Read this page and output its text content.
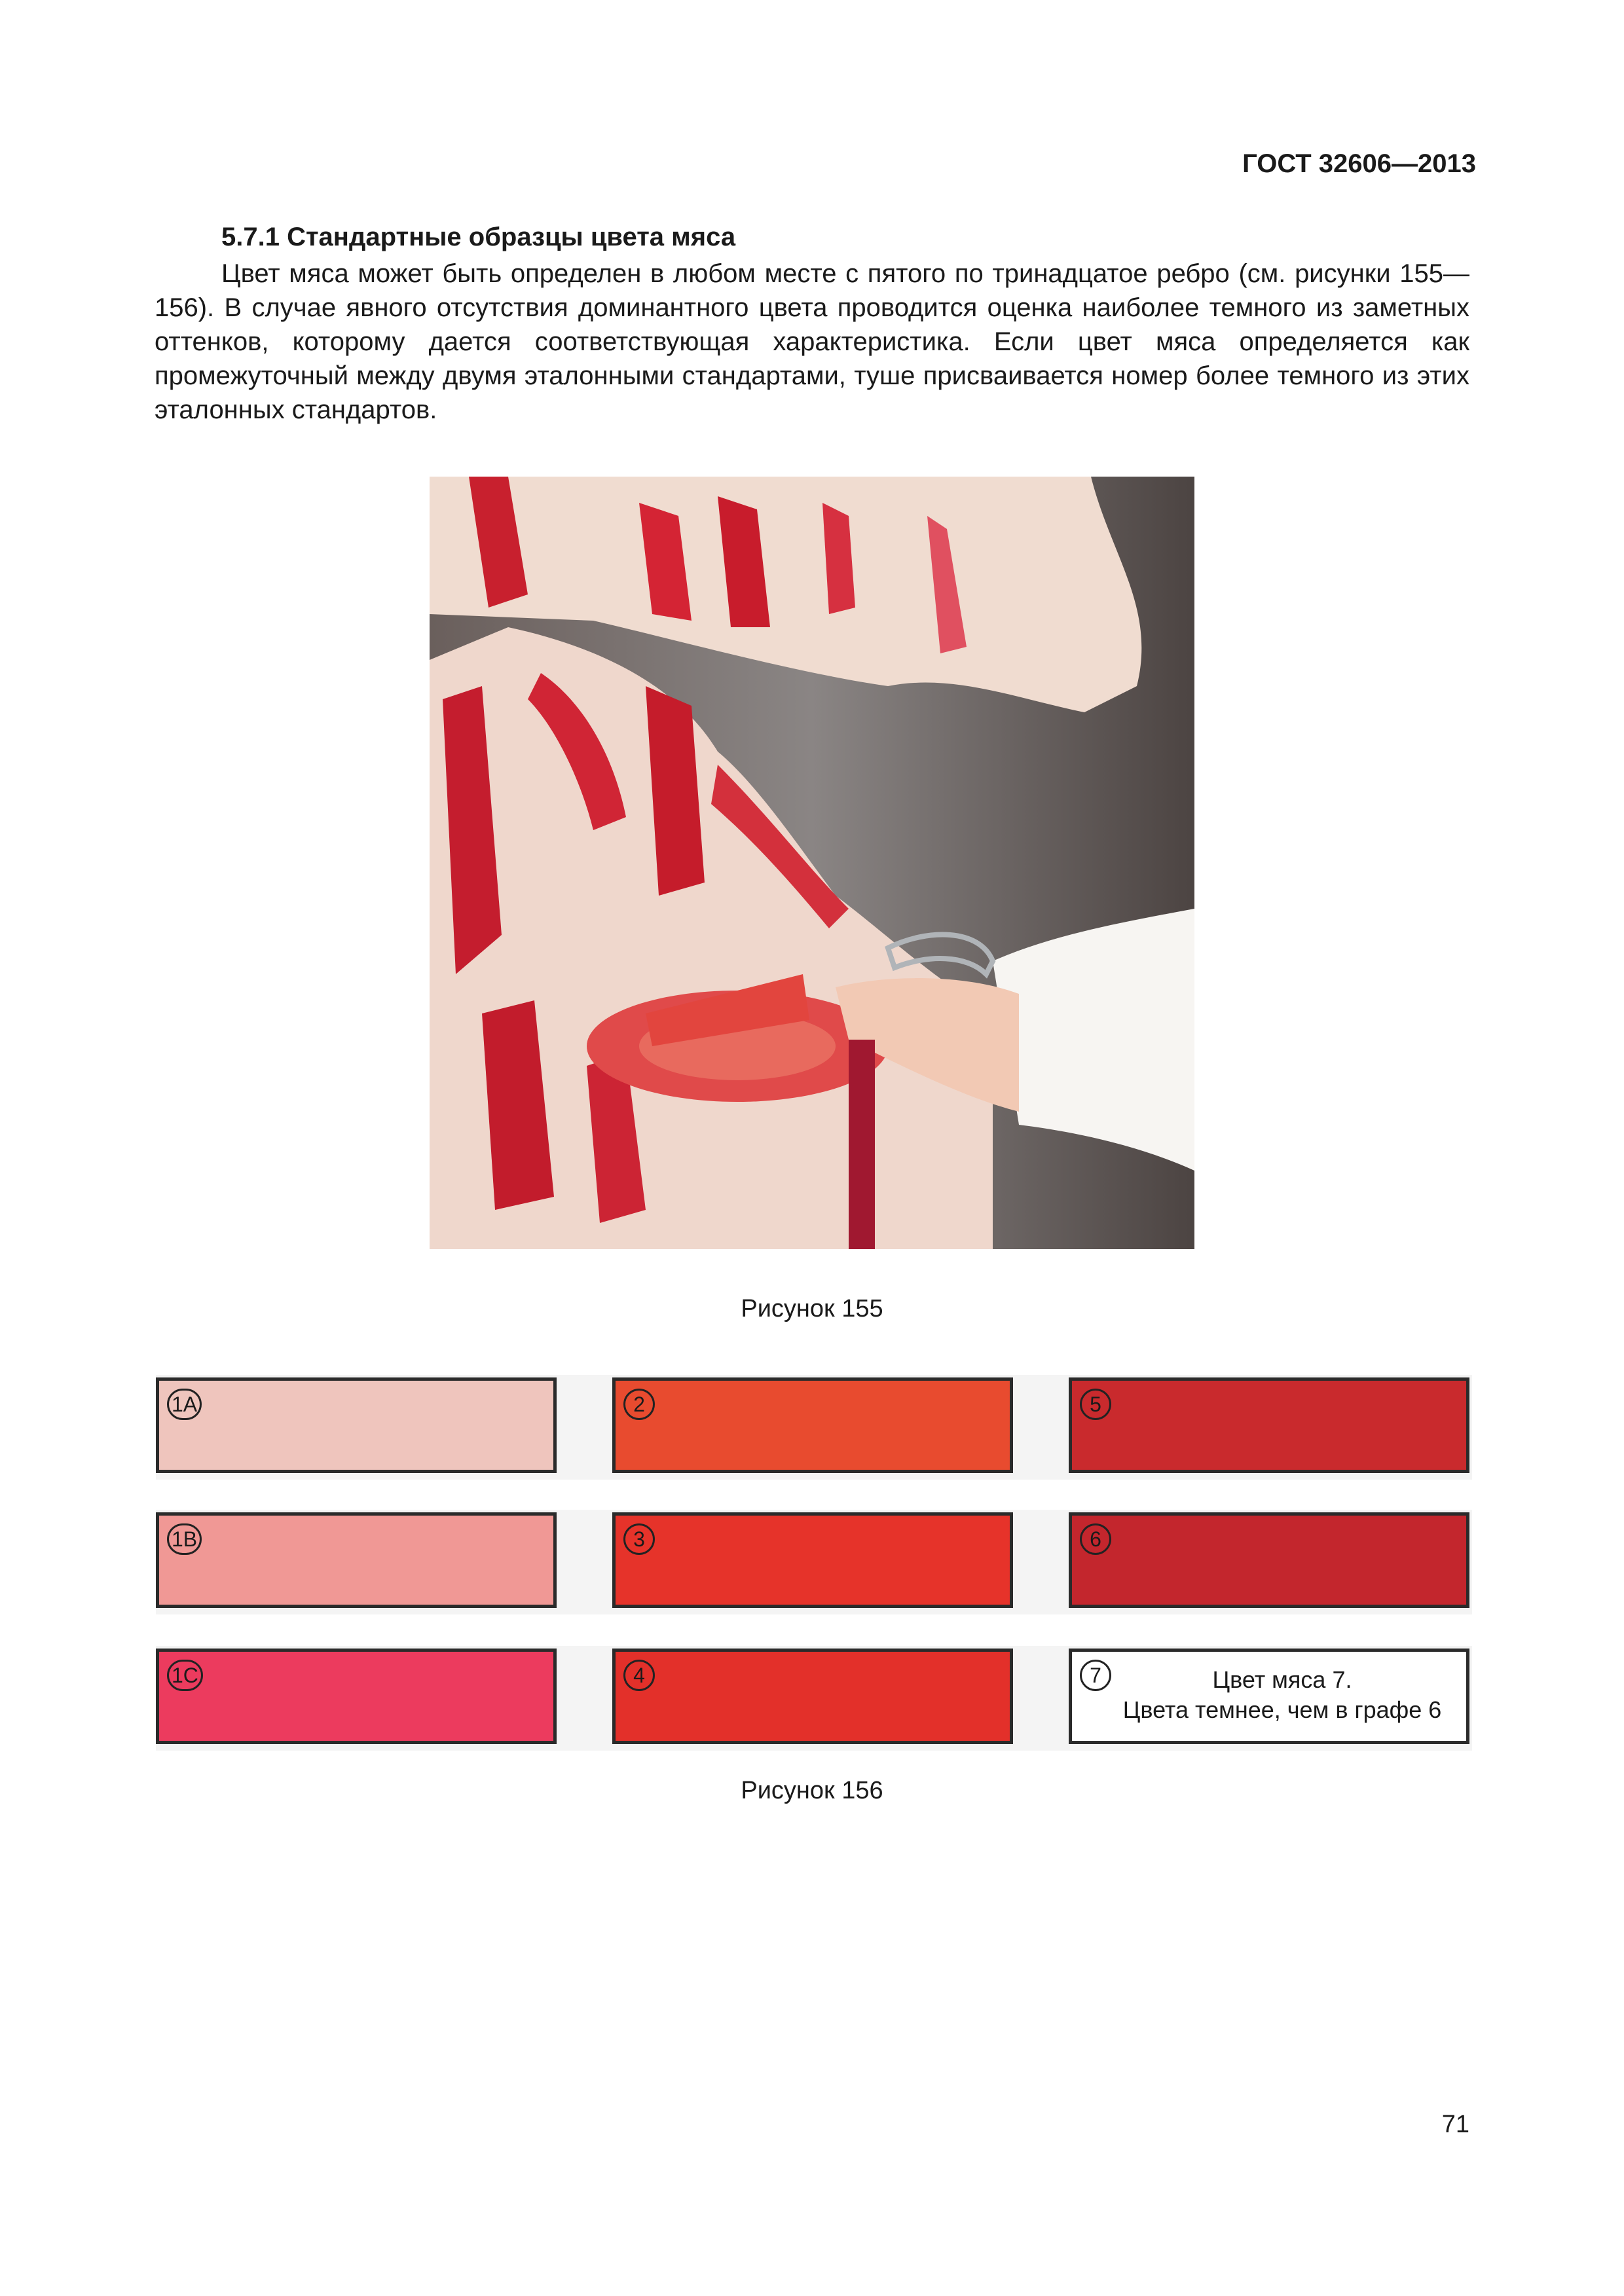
ГОСТ 32606—2013
5.7.1 Стандартные образцы цвета мяса

Цвет мяса может быть определен в любом месте с пятого по тринадцатое ребро (см. рисунки 155—156). В случае явного отсутствия доминантного цвета проводится оценка наиболее темного из заметных оттенков, которому дается соответствующая характеристика. Если цвет мяса определяется как промежуточный между двумя эталонными стандартами, туше присваивается номер более темного из этих эталонных стандартов.

Рисунок 155
1A	2	5
1B	3	6
1C	4	7	Цвет мяса 7.
Цвета темнее, чем в графе 6
Рисунок 156
71
